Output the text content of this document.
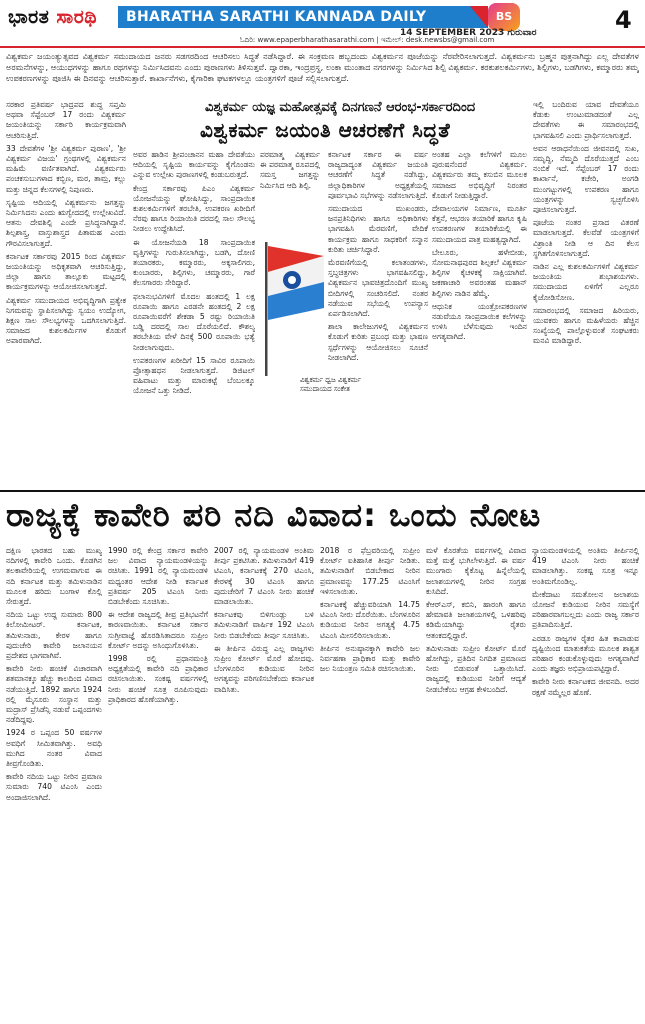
ಭಾರತ ಸಾರಥಿ	BHARATHA SARATHI KANNADA DAILY	BS
14 SEPTEMBER 2023 ಗುರುವಾರ	4
ಓದಿರಿ: www.epaperbharathasarathi.com | ಇಮೇಲ್: desk.newsbs@gmail.com
ವಿಶ್ವಕರ್ಮ ಜಯಂತ್ಯುತ್ಸವದ ವಿಶ್ವಕರ್ಮ ಸಮುದಾಯದ ಜನರು ಸಡಗರದಿಂದ ಆಚರಿಸಲು ಸಿದ್ಧತೆ ನಡೆಸಿದ್ದಾರೆ. ಈ ಸಂಕ್ರಮಣ ಹಬ್ಬದಂದು ವಿಶ್ವಕರ್ಮನ ಪೂಜೆಯನ್ನು ನೆರವೇರಿಸಲಾಗುತ್ತದೆ. ವಿಶ್ವಕರ್ಮನು ಬ್ರಹ್ಮನ ಪುತ್ರನಾಗಿದ್ದು ಎಲ್ಲ ದೇವತೆಗಳ ಅರಮನೆಗಳನ್ನು, ಆಯುಧಗಳನ್ನು ಹಾಗೂ ರಥಗಳನ್ನು ನಿರ್ಮಿಸಿದವನು ಎಂದು ಪುರಾಣಗಳು ತಿಳಿಸುತ್ತವೆ. ದ್ವಾರಕಾ, ಇಂದ್ರಪ್ರಸ್ಥ, ಲಂಕಾ ಮುಂತಾದ ನಗರಗಳನ್ನು ನಿರ್ಮಿಸಿದ ಶಿಲ್ಪಿ ವಿಶ್ವಕರ್ಮ. ಕರಕುಶಲಕರ್ಮಿಗಳು, ಶಿಲ್ಪಿಗಳು, ಬಡಗಿಗಳು, ಕಮ್ಮಾರರು ತಮ್ಮ ಉಪಕರಣಗಳನ್ನು ಪೂಜಿಸಿ ಈ ದಿನವನ್ನು ಆಚರಿಸುತ್ತಾರೆ. ಕಾರ್ಖಾನೆಗಳು, ಕೈಗಾರಿಕಾ ಘಟಕಗಳಲ್ಲೂ ಯಂತ್ರಗಳಿಗೆ ಪೂಜೆ ಸಲ್ಲಿಸಲಾಗುತ್ತದೆ.
ವಿಶ್ವಕರ್ಮ ಯಜ್ಞ ಮಹೋತ್ಸವಕ್ಕೆ ದಿನಗಣನೆ ಆರಂಭ-ಸರ್ಕಾರದಿಂದ
ವಿಶ್ವಕರ್ಮ ಜಯಂತಿ ಆಚರಣೆಗೆ ಸಿದ್ಧತೆ

ಸರಕಾರ ಪ್ರತಿವರ್ಷ ಭಾದ್ರಪದ ಶುದ್ಧ ಸಪ್ತಮಿ ಅಥವಾ ಸೆಪ್ಟೆಂಬರ್ 17 ರಂದು ವಿಶ್ವಕರ್ಮ ಜಯಂತಿಯನ್ನು ಸರ್ಕಾರಿ ಕಾರ್ಯಕ್ರಮವಾಗಿ ಆಚರಿಸುತ್ತಿದೆ.

33 ದೇವತೆಗಳ 'ಶ್ರೀ ವಿಶ್ವಕರ್ಮ ಪುರಾಣ', 'ಶ್ರೀ ವಿಶ್ವಕರ್ಮ ವಿಜಯ' ಗ್ರಂಥಗಳಲ್ಲಿ ವಿಶ್ವಕರ್ಮನ ಮಹಿಮೆ ವರ್ಣಿತವಾಗಿದೆ. ವಿಶ್ವಕರ್ಮರು ಪಂಚಕಸುಬುಗಳಾದ ಕಬ್ಬಿಣ, ಮರ, ತಾಮ್ರ, ಕಲ್ಲು ಮತ್ತು ಚಿನ್ನದ ಕೆಲಸಗಳಲ್ಲಿ ನಿಪುಣರು.

ಸೃಷ್ಟಿಯ ಆದಿಯಲ್ಲಿ ವಿಶ್ವಕರ್ಮನು ಜಗತ್ತನ್ನು ನಿರ್ಮಿಸಿದನು ಎಂದು ಋಗ್ವೇದದಲ್ಲಿ ಉಲ್ಲೇಖವಿದೆ. ಆತನು ದೇವಶಿಲ್ಪಿ ಎಂದೇ ಪ್ರಸಿದ್ಧನಾಗಿದ್ದಾನೆ. ಶಿಲ್ಪಶಾಸ್ತ್ರ, ವಾಸ್ತುಶಾಸ್ತ್ರದ ಪಿತಾಮಹ ಎಂದು ಗೌರವಿಸಲಾಗುತ್ತದೆ.

ಕರ್ನಾಟಕ ಸರ್ಕಾರವು 2015 ರಿಂದ ವಿಶ್ವಕರ್ಮ ಜಯಂತಿಯನ್ನು ಅಧಿಕೃತವಾಗಿ ಆಚರಿಸುತ್ತಿದ್ದು, ಜಿಲ್ಲಾ ಹಾಗೂ ತಾಲ್ಲೂಕು ಮಟ್ಟದಲ್ಲಿ ಕಾರ್ಯಕ್ರಮಗಳನ್ನು ಆಯೋಜಿಸಲಾಗುತ್ತದೆ.

ವಿಶ್ವಕರ್ಮ ಸಮುದಾಯದ ಅಭಿವೃದ್ಧಿಗಾಗಿ ಪ್ರತ್ಯೇಕ ನಿಗಮವನ್ನು ಸ್ಥಾಪಿಸಲಾಗಿದ್ದು ಸ್ವಯಂ ಉದ್ಯೋಗ, ಶಿಕ್ಷಣ ಸಾಲ ಸೌಲಭ್ಯಗಳನ್ನು ಒದಗಿಸಲಾಗುತ್ತಿದೆ. ಸಮಾಜದ ಕುಶಲಕರ್ಮಿಗಳ ಕೊಡುಗೆ ಅಪಾರವಾಗಿದೆ.

ಅವರ ಹಾಡಿನ ಶ್ರೀಪಂಚಾನನ ಮಹಾ ದೇವತೆಯು ಆದಿಯಲ್ಲಿ ಸೃಷ್ಟಿಯ ಕಾರ್ಯವನ್ನು ಕೈಗೊಂಡನು ಎನ್ನುವ ಉಲ್ಲೇಖ ಪುರಾಣಗಳಲ್ಲಿ ಕಂಡುಬರುತ್ತದೆ.

ಕೇಂದ್ರ ಸರ್ಕಾರವು ಪಿಎಂ ವಿಶ್ವಕರ್ಮ ಯೋಜನೆಯನ್ನು ಘೋಷಿಸಿದ್ದು, ಸಾಂಪ್ರದಾಯಿಕ ಕುಶಲಕರ್ಮಿಗಳಿಗೆ ತರಬೇತಿ, ಉಪಕರಣ ಖರೀದಿಗೆ ನೆರವು ಹಾಗೂ ರಿಯಾಯಿತಿ ದರದಲ್ಲಿ ಸಾಲ ಸೌಲಭ್ಯ ನೀಡಲು ಉದ್ದೇಶಿಸಿದೆ.

ಈ ಯೋಜನೆಯಡಿ 18 ಸಾಂಪ್ರದಾಯಿಕ ವೃತ್ತಿಗಳನ್ನು ಗುರುತಿಸಲಾಗಿದ್ದು, ಬಡಗಿ, ದೋಣಿ ತಯಾರಕರು, ಕಮ್ಮಾರರು, ಅಕ್ಕಸಾಲಿಗರು, ಕುಂಬಾರರು, ಶಿಲ್ಪಿಗಳು, ಚಮ್ಮಾರರು, ಗಾರೆ ಕೆಲಸಗಾರರು ಸೇರಿದ್ದಾರೆ.

ಫಲಾನುಭವಿಗಳಿಗೆ ಮೊದಲ ಹಂತದಲ್ಲಿ 1 ಲಕ್ಷ ರೂಪಾಯಿ ಹಾಗೂ ಎರಡನೇ ಹಂತದಲ್ಲಿ 2 ಲಕ್ಷ ರೂಪಾಯಿವರೆಗೆ ಶೇಕಡಾ 5 ರಷ್ಟು ರಿಯಾಯಿತಿ ಬಡ್ಡಿ ದರದಲ್ಲಿ ಸಾಲ ದೊರೆಯಲಿದೆ. ಕೌಶಲ್ಯ ತರಬೇತಿಯ ವೇಳೆ ದಿನಕ್ಕೆ 500 ರೂಪಾಯಿ ಭತ್ಯೆ ನೀಡಲಾಗುವುದು.

ಉಪಕರಣಗಳ ಖರೀದಿಗೆ 15 ಸಾವಿರ ರೂಪಾಯಿ ಪ್ರೋತ್ಸಾಹಧನ ನೀಡಲಾಗುತ್ತದೆ. ಡಿಜಿಟಲ್ ವಹಿವಾಟು ಮತ್ತು ಮಾರುಕಟ್ಟೆ ಬೆಂಬಲಕ್ಕೂ ಯೋಜನೆ ಒತ್ತು ನೀಡಿದೆ.

ಪರಮಾತ್ಮ ವಿಶ್ವಕರ್ಮ ಈ ಪರಮಾತ್ಮ ರೂಪದಲ್ಲಿ ಸಮಸ್ತ ಜಗತ್ತನ್ನು ನಿರ್ಮಿಸಿದ ಆದಿ ಶಿಲ್ಪಿ.

ವಿಶ್ವಕರ್ಮ ಧ್ವಜ ವಿಶ್ವಕರ್ಮ ಸಮುದಾಯದ ಸಂಕೇತ

ಕರ್ನಾಟಕ ಸರ್ಕಾರ ಈ ವರ್ಷ ರಾಜ್ಯದಾದ್ಯಂತ ವಿಶ್ವಕರ್ಮ ಜಯಂತಿ ಆಚರಣೆಗೆ ಸಿದ್ಧತೆ ನಡೆಸಿದ್ದು, ಜಿಲ್ಲಾಧಿಕಾರಿಗಳ ಅಧ್ಯಕ್ಷತೆಯಲ್ಲಿ ಪೂರ್ವಭಾವಿ ಸಭೆಗಳನ್ನು ನಡೆಸಲಾಗುತ್ತಿದೆ.

ಸಮುದಾಯದ ಮುಖಂಡರು, ಜನಪ್ರತಿನಿಧಿಗಳು ಹಾಗೂ ಅಧಿಕಾರಿಗಳು ಭಾಗವಹಿಸಿ ಮೆರವಣಿಗೆ, ವೇದಿಕೆ ಕಾರ್ಯಕ್ರಮ ಹಾಗೂ ಸಾಧಕರಿಗೆ ಸನ್ಮಾನ ಕುರಿತು ಚರ್ಚಿಸಿದ್ದಾರೆ.

ಮೆರವಣಿಗೆಯಲ್ಲಿ ಕಲಾತಂಡಗಳು, ಸ್ತಬ್ಧಚಿತ್ರಗಳು ಭಾಗವಹಿಸಲಿದ್ದು, ವಿಶ್ವಕರ್ಮನ ಭಾವಚಿತ್ರದೊಂದಿಗೆ ಮುಖ್ಯ ಬೀದಿಗಳಲ್ಲಿ ಸಂಚರಿಸಲಿದೆ. ನಂತರ ನಡೆಯುವ ಸಭೆಯಲ್ಲಿ ಉಪನ್ಯಾಸ ಏರ್ಪಡಿಸಲಾಗಿದೆ.

ಶಾಲಾ ಕಾಲೇಜುಗಳಲ್ಲಿ ವಿಶ್ವಕರ್ಮನ ಕೊಡುಗೆ ಕುರಿತು ಪ್ರಬಂಧ ಮತ್ತು ಭಾಷಣ ಸ್ಪರ್ಧೆಗಳನ್ನು ಆಯೋಜಿಸಲು ಸೂಚನೆ ನೀಡಲಾಗಿದೆ.

ಅಂತಹ ಎಲ್ಲಾ ಕಲೆಗಳಿಗೆ ಮೂಲ ಪುರುಷನೆಂದರೆ ವಿಶ್ವಕರ್ಮ. ವಿಶ್ವಕರ್ಮರು ತಮ್ಮ ಕಸುಬಿನ ಮೂಲಕ ಸಮಾಜದ ಅಭಿವೃದ್ಧಿಗೆ ನಿರಂತರ ಕೊಡುಗೆ ನೀಡುತ್ತಿದ್ದಾರೆ.

ದೇವಾಲಯಗಳ ನಿರ್ಮಾಣ, ಮೂರ್ತಿ ಕೆತ್ತನೆ, ಆಭರಣ ತಯಾರಿಕೆ ಹಾಗೂ ಕೃಷಿ ಉಪಕರಣಗಳ ತಯಾರಿಕೆಯಲ್ಲಿ ಈ ಸಮುದಾಯದ ಪಾತ್ರ ಮಹತ್ವದ್ದಾಗಿದೆ.

ಬೇಲೂರು, ಹಳೇಬೀಡು, ಸೋಮನಾಥಪುರದ ಶಿಲ್ಪಕಲೆ ವಿಶ್ವಕರ್ಮ ಶಿಲ್ಪಿಗಳ ಕೈಚಳಕಕ್ಕೆ ಸಾಕ್ಷಿಯಾಗಿವೆ. ಜಕಣಾಚಾರಿ ಅವರಂತಹ ಮಹಾನ್ ಶಿಲ್ಪಿಗಳು ನಾಡಿನ ಹೆಮ್ಮೆ.

ಆಧುನಿಕ ಯಂತ್ರೋಪಕರಣಗಳ ನಡುವೆಯೂ ಸಾಂಪ್ರದಾಯಿಕ ಕಲೆಗಳನ್ನು ಉಳಿಸಿ ಬೆಳೆಸುವುದು ಇಂದಿನ ಅಗತ್ಯವಾಗಿದೆ.

ಇಲ್ಲಿ ಬಂದಿರುವ ಯಾವ ದೇವತೆಯೂ ಕೆಡುಕು ಉಂಟುಮಾಡದಂತೆ ಎಲ್ಲ ದೇವತೆಗಳು ಈ ಸಮಾರಂಭದಲ್ಲಿ ಭಾಗವಹಿಸಲಿ ಎಂದು ಪ್ರಾರ್ಥಿಸಲಾಗುತ್ತದೆ.

ಅವನ ಆರಾಧನೆಯಿಂದ ಜೀವನದಲ್ಲಿ ಸುಖ, ಸಮೃದ್ಧಿ, ನೆಮ್ಮದಿ ದೊರೆಯುತ್ತದೆ ಎಂಬ ನಂಬಿಕೆ ಇದೆ. ಸೆಪ್ಟೆಂಬರ್ 17 ರಂದು ಕಾರ್ಖಾನೆ, ಕಚೇರಿ, ಅಂಗಡಿ ಮುಂಗಟ್ಟುಗಳಲ್ಲಿ ಉಪಕರಣ ಹಾಗೂ ಯಂತ್ರಗಳನ್ನು ಸ್ವಚ್ಛಗೊಳಿಸಿ ಪೂಜಿಸಲಾಗುತ್ತದೆ.

ಪೂಜೆಯ ನಂತರ ಪ್ರಸಾದ ವಿತರಣೆ ಮಾಡಲಾಗುತ್ತದೆ. ಕೆಲವೆಡೆ ಯಂತ್ರಗಳಿಗೆ ವಿಶ್ರಾಂತಿ ನೀಡಿ ಆ ದಿನ ಕೆಲಸ ಸ್ಥಗಿತಗೊಳಿಸಲಾಗುತ್ತದೆ.

ನಾಡಿನ ಎಲ್ಲ ಕುಶಲಕರ್ಮಿಗಳಿಗೆ ವಿಶ್ವಕರ್ಮ ಜಯಂತಿಯ ಶುಭಾಶಯಗಳು. ಸಮುದಾಯದ ಏಳಿಗೆಗೆ ಎಲ್ಲರೂ ಕೈಜೋಡಿಸೋಣ.

ಸಮಾರಂಭದಲ್ಲಿ ಸಮಾಜದ ಹಿರಿಯರು, ಯುವಕರು ಹಾಗೂ ಮಹಿಳೆಯರು ಹೆಚ್ಚಿನ ಸಂಖ್ಯೆಯಲ್ಲಿ ಪಾಲ್ಗೊಳ್ಳುವಂತೆ ಸಂಘಟಕರು ಮನವಿ ಮಾಡಿದ್ದಾರೆ.

ರಾಜ್ಯಕ್ಕೆ ಕಾವೇರಿ ಪರಿ ನದಿ ವಿವಾದ: ಒಂದು ನೋಟ

ದಕ್ಷಿಣ ಭಾರತದ ಬಹು ಮುಖ್ಯ ನದಿಗಳಲ್ಲಿ ಕಾವೇರಿ ಒಂದು. ಕೊಡಗಿನ ತಲಕಾವೇರಿಯಲ್ಲಿ ಉಗಮವಾಗುವ ಈ ನದಿ ಕರ್ನಾಟಕ ಮತ್ತು ತಮಿಳುನಾಡಿನ ಮೂಲಕ ಹರಿದು ಬಂಗಾಳ ಕೊಲ್ಲಿ ಸೇರುತ್ತದೆ.

ನದಿಯ ಒಟ್ಟು ಉದ್ದ ಸುಮಾರು 800 ಕಿಲೋಮೀಟರ್. ಕರ್ನಾಟಕ, ತಮಿಳುನಾಡು, ಕೇರಳ ಹಾಗೂ ಪುದುಚೇರಿ ಕಾವೇರಿ ಜಲಾನಯನ ಪ್ರದೇಶದ ಭಾಗವಾಗಿವೆ.

ಕಾವೇರಿ ನೀರು ಹಂಚಿಕೆ ವಿಚಾರವಾಗಿ ಶತಮಾನಕ್ಕೂ ಹೆಚ್ಚು ಕಾಲದಿಂದ ವಿವಾದ ನಡೆಯುತ್ತಿದೆ. 1892 ಹಾಗೂ 1924 ರಲ್ಲಿ ಮೈಸೂರು ಸಂಸ್ಥಾನ ಮತ್ತು ಮದ್ರಾಸ್ ಪ್ರೆಸಿಡೆನ್ಸಿ ನಡುವೆ ಒಪ್ಪಂದಗಳು ನಡೆದಿದ್ದವು.

1924 ರ ಒಪ್ಪಂದ 50 ವರ್ಷಗಳ ಅವಧಿಗೆ ಸೀಮಿತವಾಗಿತ್ತು. ಅವಧಿ ಮುಗಿದ ನಂತರ ವಿವಾದ ತೀವ್ರಗೊಂಡಿತು.

ಕಾವೇರಿ ನದಿಯ ಒಟ್ಟು ನೀರಿನ ಪ್ರಮಾಣ ಸುಮಾರು 740 ಟಿಎಂಸಿ ಎಂದು ಅಂದಾಜಿಸಲಾಗಿದೆ.

1990 ರಲ್ಲಿ ಕೇಂದ್ರ ಸರ್ಕಾರ ಕಾವೇರಿ ಜಲ ವಿವಾದ ನ್ಯಾಯಮಂಡಳಿಯನ್ನು ರಚಿಸಿತು. 1991 ರಲ್ಲಿ ನ್ಯಾಯಮಂಡಳಿ ಮಧ್ಯಂತರ ಆದೇಶ ನೀಡಿ ಕರ್ನಾಟಕ ಪ್ರತಿವರ್ಷ 205 ಟಿಎಂಸಿ ನೀರು ಬಿಡಬೇಕೆಂದು ಸೂಚಿಸಿತು.

ಈ ಆದೇಶ ರಾಜ್ಯದಲ್ಲಿ ತೀವ್ರ ಪ್ರತಿಭಟನೆಗೆ ಕಾರಣವಾಯಿತು. ಕರ್ನಾಟಕ ಸರ್ಕಾರ ಸುಗ್ರೀವಾಜ್ಞೆ ಹೊರಡಿಸಿತಾದರೂ ಸುಪ್ರೀಂ ಕೋರ್ಟ್ ಅದನ್ನು ಅಸಿಂಧುಗೊಳಿಸಿತು.

1998 ರಲ್ಲಿ ಪ್ರಧಾನಮಂತ್ರಿ ಅಧ್ಯಕ್ಷತೆಯಲ್ಲಿ ಕಾವೇರಿ ನದಿ ಪ್ರಾಧಿಕಾರ ರಚಿಸಲಾಯಿತು. ಸಂಕಷ್ಟ ವರ್ಷಗಳಲ್ಲಿ ನೀರು ಹಂಚಿಕೆ ಸೂತ್ರ ರೂಪಿಸುವುದು ಪ್ರಾಧಿಕಾರದ ಹೊಣೆಯಾಗಿತ್ತು.

2007 ರಲ್ಲಿ ನ್ಯಾಯಮಂಡಳಿ ಅಂತಿಮ ತೀರ್ಪು ಪ್ರಕಟಿಸಿತು. ತಮಿಳುನಾಡಿಗೆ 419 ಟಿಎಂಸಿ, ಕರ್ನಾಟಕಕ್ಕೆ 270 ಟಿಎಂಸಿ, ಕೇರಳಕ್ಕೆ 30 ಟಿಎಂಸಿ ಹಾಗೂ ಪುದುಚೇರಿಗೆ 7 ಟಿಎಂಸಿ ನೀರು ಹಂಚಿಕೆ ಮಾಡಲಾಯಿತು.

ಕರ್ನಾಟಕವು ಬಿಳಿಗುಂಡ್ಲು ಬಳಿ ತಮಿಳುನಾಡಿಗೆ ವಾರ್ಷಿಕ 192 ಟಿಎಂಸಿ ನೀರು ಬಿಡಬೇಕೆಂದು ತೀರ್ಪು ಸೂಚಿಸಿತು.

ಈ ತೀರ್ಪಿನ ವಿರುದ್ಧ ಎಲ್ಲ ರಾಜ್ಯಗಳು ಸುಪ್ರೀಂ ಕೋರ್ಟ್ ಮೊರೆ ಹೋದವು. ಬೆಂಗಳೂರಿನ ಕುಡಿಯುವ ನೀರಿನ ಅಗತ್ಯವನ್ನು ಪರಿಗಣಿಸಬೇಕೆಂದು ಕರ್ನಾಟಕ ವಾದಿಸಿತು.

2018 ರ ಫೆಬ್ರವರಿಯಲ್ಲಿ ಸುಪ್ರೀಂ ಕೋರ್ಟ್ ಐತಿಹಾಸಿಕ ತೀರ್ಪು ನೀಡಿತು. ತಮಿಳುನಾಡಿಗೆ ಬಿಡಬೇಕಾದ ನೀರಿನ ಪ್ರಮಾಣವನ್ನು 177.25 ಟಿಎಂಸಿಗೆ ಇಳಿಸಲಾಯಿತು.

ಕರ್ನಾಟಕಕ್ಕೆ ಹೆಚ್ಚುವರಿಯಾಗಿ 14.75 ಟಿಎಂಸಿ ನೀರು ದೊರೆಯಿತು. ಬೆಂಗಳೂರಿನ ಕುಡಿಯುವ ನೀರಿನ ಅಗತ್ಯಕ್ಕೆ 4.75 ಟಿಎಂಸಿ ಮೀಸಲಿರಿಸಲಾಯಿತು.

ತೀರ್ಪಿನ ಅನುಷ್ಠಾನಕ್ಕಾಗಿ ಕಾವೇರಿ ಜಲ ನಿರ್ವಹಣಾ ಪ್ರಾಧಿಕಾರ ಮತ್ತು ಕಾವೇರಿ ಜಲ ನಿಯಂತ್ರಣ ಸಮಿತಿ ರಚಿಸಲಾಯಿತು.

ಮಳೆ ಕೊರತೆಯ ವರ್ಷಗಳಲ್ಲಿ ವಿವಾದ ಮತ್ತೆ ಮತ್ತೆ ಭುಗಿಲೇಳುತ್ತಿದೆ. ಈ ವರ್ಷ ಮುಂಗಾರು ಕೈಕೊಟ್ಟ ಹಿನ್ನೆಲೆಯಲ್ಲಿ ಜಲಾಶಯಗಳಲ್ಲಿ ನೀರಿನ ಸಂಗ್ರಹ ಕುಸಿದಿದೆ.

ಕೆಆರ್‌ಎಸ್, ಕಬಿನಿ, ಹಾರಂಗಿ ಹಾಗೂ ಹೇಮಾವತಿ ಜಲಾಶಯಗಳಲ್ಲಿ ಒಳಹರಿವು ಕಡಿಮೆಯಾಗಿದ್ದು ರೈತರು ಆತಂಕದಲ್ಲಿದ್ದಾರೆ.

ತಮಿಳುನಾಡು ಸುಪ್ರೀಂ ಕೋರ್ಟ್ ಮೊರೆ ಹೋಗಿದ್ದು, ಪ್ರತಿದಿನ ನಿಗದಿತ ಪ್ರಮಾಣದ ನೀರು ಬಿಡುವಂತೆ ಒತ್ತಾಯಿಸಿದೆ. ರಾಜ್ಯದಲ್ಲಿ ಕುಡಿಯುವ ನೀರಿಗೆ ಆದ್ಯತೆ ನೀಡಬೇಕೆಂಬ ಆಗ್ರಹ ಕೇಳಿಬಂದಿದೆ.

ನ್ಯಾಯಮಂಡಳಿಯಲ್ಲಿ ಅಂತಿಮ ತೀರ್ಪಿನಲ್ಲಿ 419 ಟಿಎಂಸಿ ನೀರು ಹಂಚಿಕೆ ಮಾಡಲಾಗಿತ್ತು. ಸಂಕಷ್ಟ ಸೂತ್ರ ಇನ್ನೂ ಅಂತಿಮಗೊಂಡಿಲ್ಲ.

ಮೇಕೆದಾಟು ಸಮತೋಲನ ಜಲಾಶಯ ಯೋಜನೆ ಕುಡಿಯುವ ನೀರಿನ ಸಮಸ್ಯೆಗೆ ಪರಿಹಾರವಾಗಬಲ್ಲದು ಎಂದು ರಾಜ್ಯ ಸರ್ಕಾರ ಪ್ರತಿಪಾದಿಸುತ್ತಿದೆ.

ಎರಡೂ ರಾಜ್ಯಗಳ ರೈತರ ಹಿತ ಕಾಪಾಡುವ ದೃಷ್ಟಿಯಿಂದ ಮಾತುಕತೆಯ ಮೂಲಕ ಶಾಶ್ವತ ಪರಿಹಾರ ಕಂಡುಕೊಳ್ಳುವುದು ಅಗತ್ಯವಾಗಿದೆ ಎಂದು ತಜ್ಞರು ಅಭಿಪ್ರಾಯಪಟ್ಟಿದ್ದಾರೆ.

ಕಾವೇರಿ ನೀರು ಕರ್ನಾಟಕದ ಜೀವನದಿ. ಅದರ ರಕ್ಷಣೆ ನಮ್ಮೆಲ್ಲರ ಹೊಣೆ.
